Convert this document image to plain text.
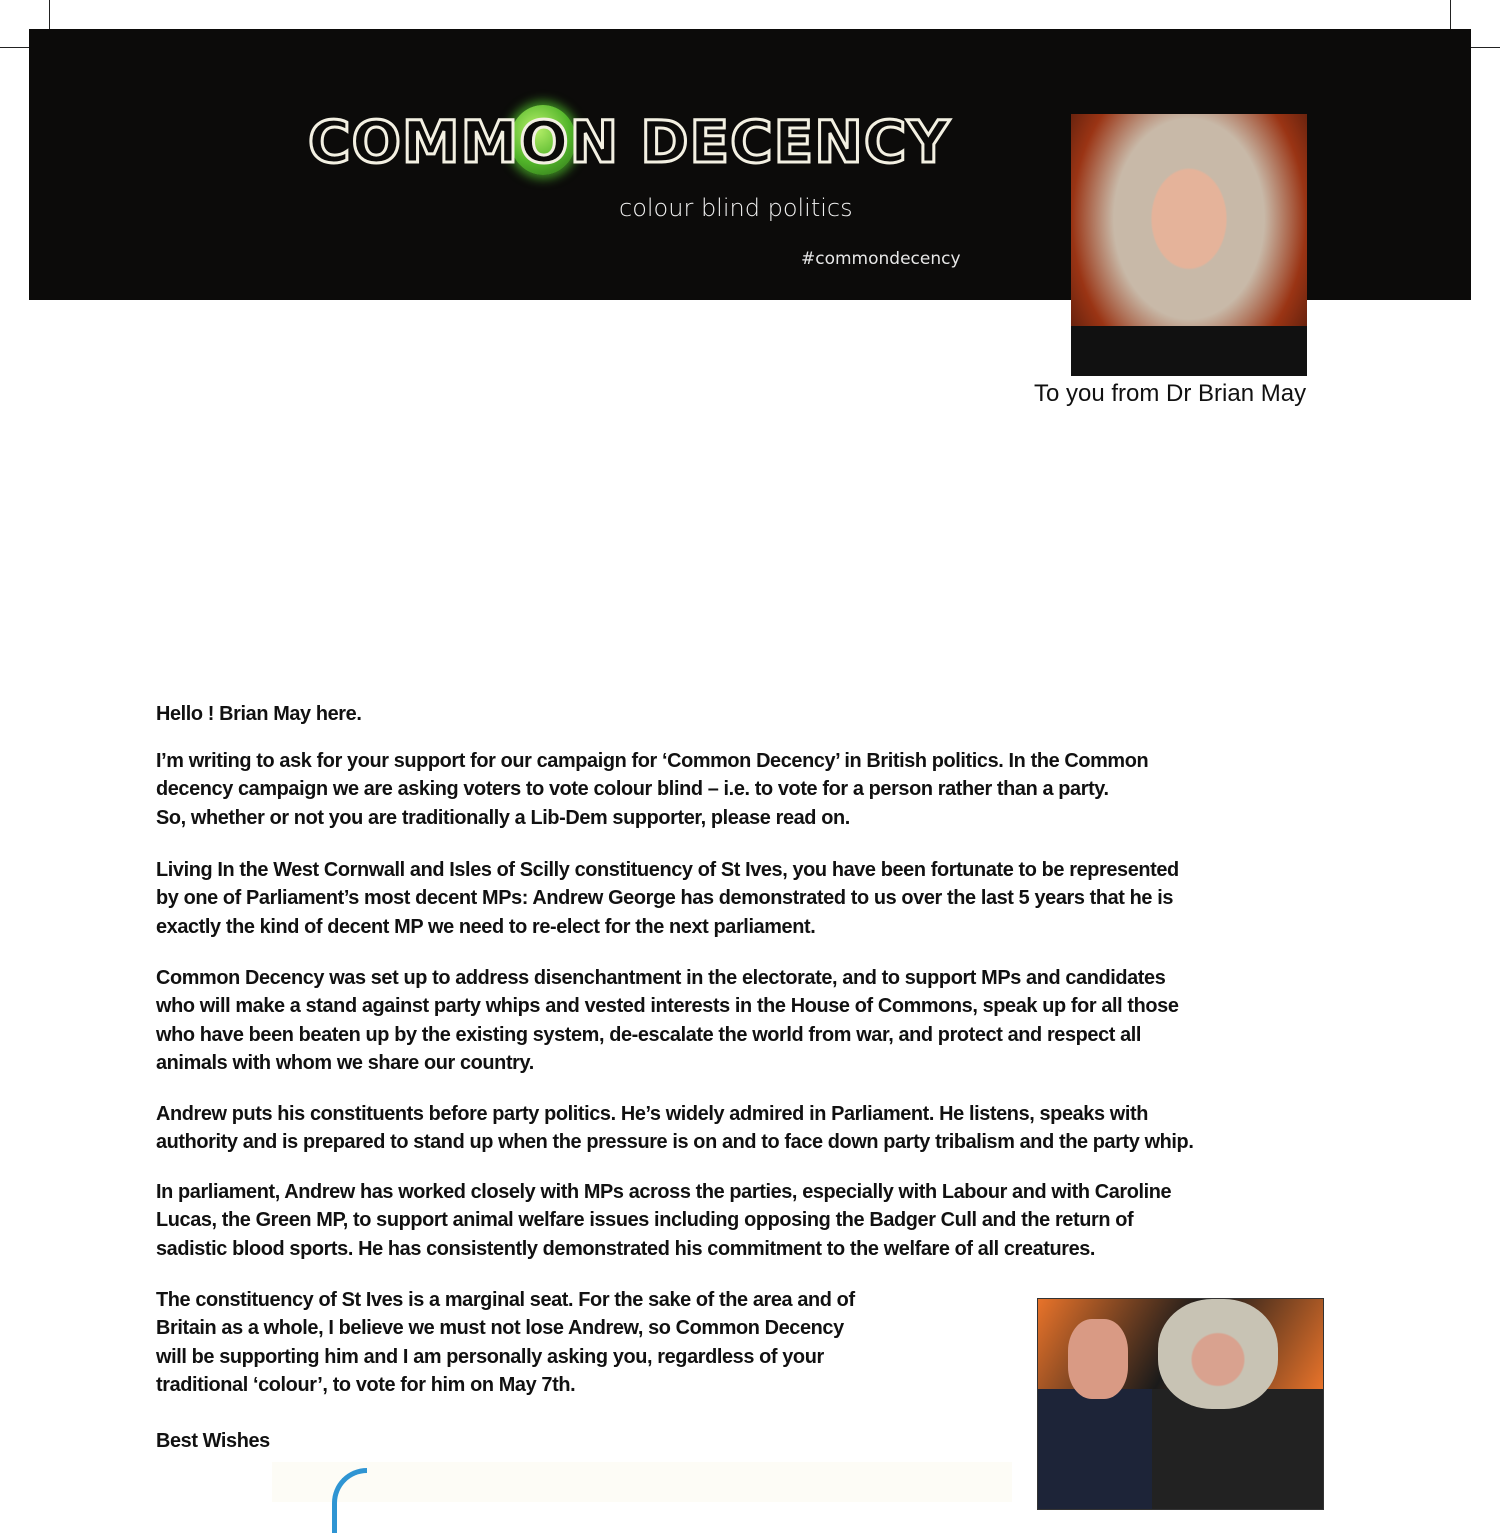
COMMON DECENCY
colour blind politics
#commondecency
To you from Dr Brian May
Hello ! Brian May here.
I’m writing to ask for your support for our campaign for ‘Common Decency’ in British politics. In the Common
decency campaign we are asking voters to vote colour blind – i.e. to vote for a person rather than a party.
So, whether or not you are traditionally a Lib-Dem supporter, please read on.
Living In the West Cornwall and Isles of Scilly constituency of St Ives, you have been fortunate to be represented
by one of Parliament’s most decent MPs: Andrew George has demonstrated to us over the last 5 years that he is
exactly the kind of decent MP we need to re-elect for the next parliament.
Common Decency was set up to address disenchantment in the electorate, and to support MPs and candidates
who will make a stand against party whips and vested interests in the House of Commons, speak up for all those
who have been beaten up by the existing system, de-escalate the world from war, and protect and respect all
animals with whom we share our country.
Andrew puts his constituents before party politics. He’s widely admired in Parliament. He listens, speaks with
authority and is prepared to stand up when the pressure is on and to face down party tribalism and the party whip.
In parliament, Andrew has worked closely with MPs across the parties, especially with Labour and with Caroline
Lucas, the Green MP, to support animal welfare issues including opposing the Badger Cull and the return of
sadistic blood sports. He has consistently demonstrated his commitment to the welfare of all creatures.
The constituency of St Ives is a marginal seat. For the sake of the area and of
Britain as a whole, I believe we must not lose Andrew, so Common Decency
will be supporting him and I am personally asking you, regardless of your
traditional ‘colour’, to vote for him on May 7th.
Best Wishes
